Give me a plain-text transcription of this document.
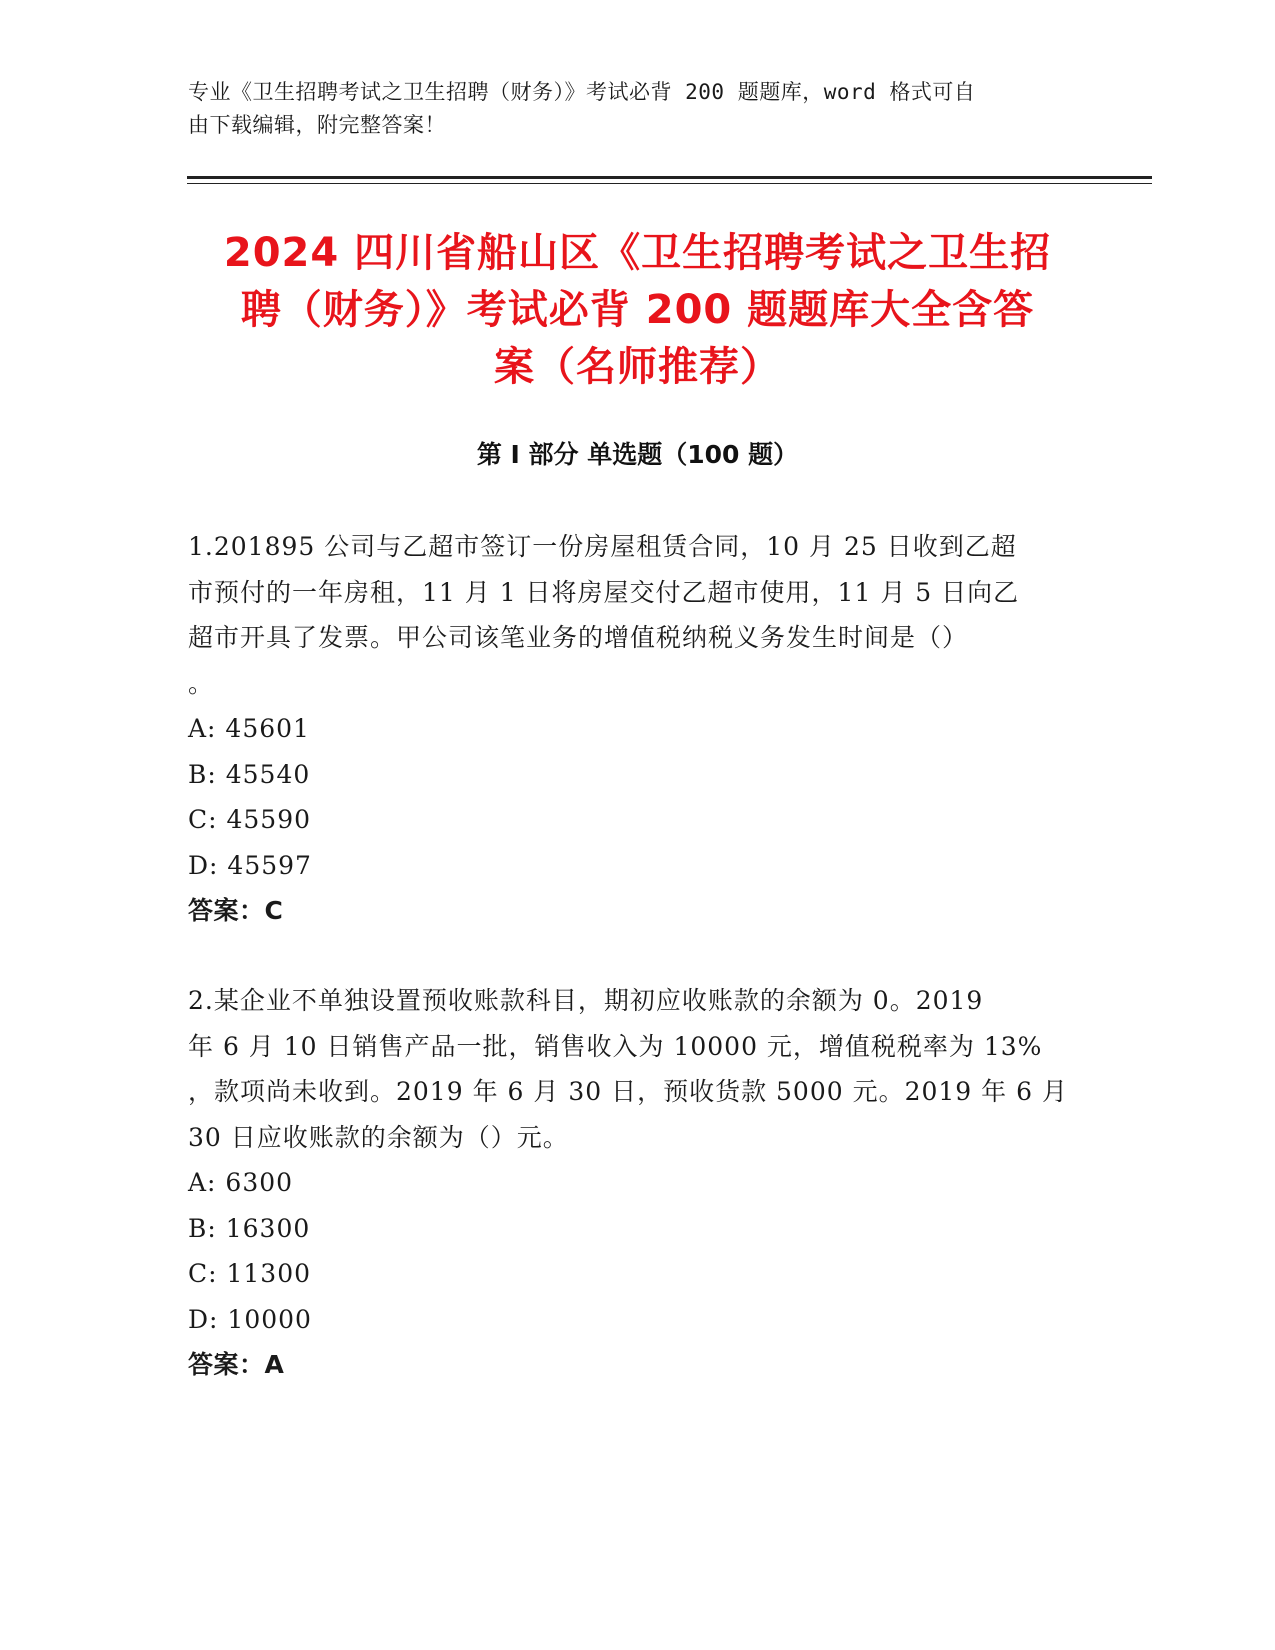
专业《卫生招聘考试之卫生招聘（财务）》考试必背 200 题题库，word 格式可自
由下载编辑，附完整答案！
2024 四川省船山区《卫生招聘考试之卫生招
聘（财务）》考试必背 200 题题库大全含答
案（名师推荐）
第 I 部分 单选题（100 题）

1.201895 公司与乙超市签订一份房屋租赁合同，10 月 25 日收到乙超

市预付的一年房租，11 月 1 日将房屋交付乙超市使用，11 月 5 日向乙

超市开具了发票。甲公司该笔业务的增值税纳税义务发生时间是（）

。

A: 45601

B: 45540

C: 45590

D: 45597

答案：C

2.某企业不单独设置预收账款科目，期初应收账款的余额为 0。2019

年 6 月 10 日销售产品一批，销售收入为 10000 元，增值税税率为 13%

，款项尚未收到。2019 年 6 月 30 日，预收货款 5000 元。2019 年 6 月

30 日应收账款的余额为（）元。

A: 6300

B: 16300

C: 11300

D: 10000

答案：A
